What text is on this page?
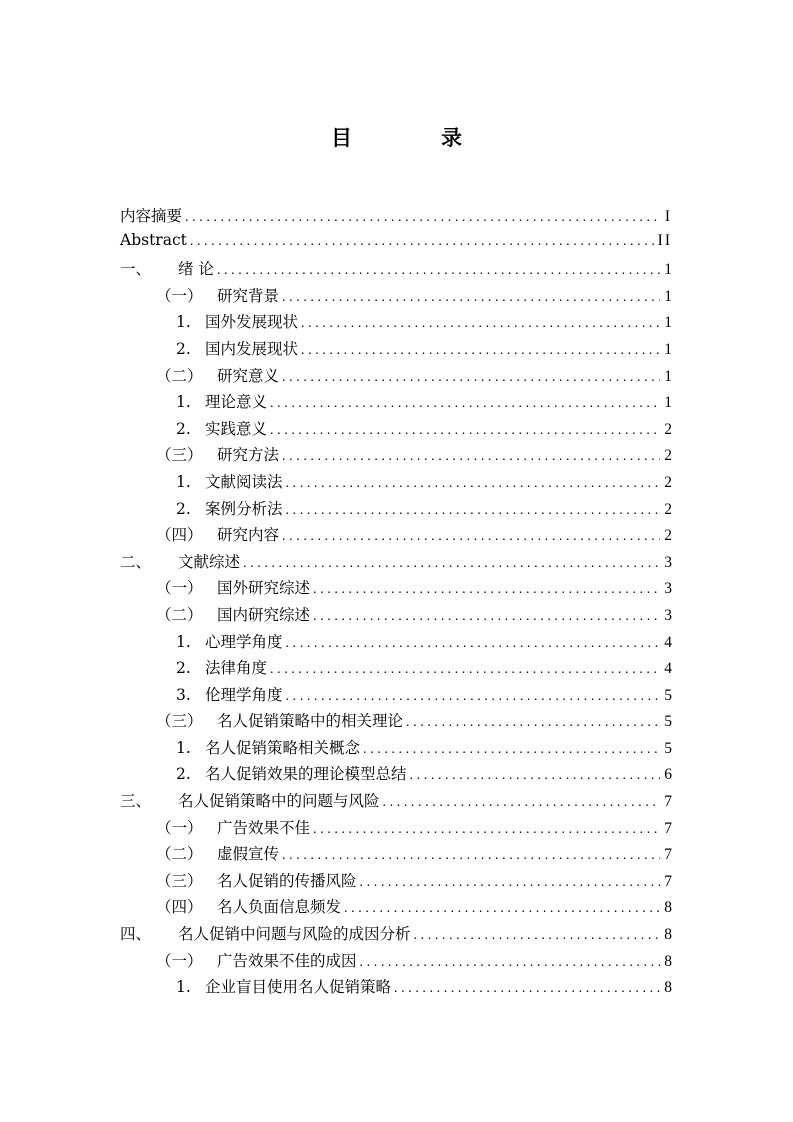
目　录
内容摘要 .....	I
Abstract .....	II
一、	绪 论 .....	1
（一） 研究背景 .....	1
1. 国外发展现状 .....	1
2. 国内发展现状 .....	1
（二） 研究意义 .....	1
1. 理论意义 .....	1
2. 实践意义 .....	2
（三） 研究方法 .....	2
1. 文献阅读法 .....	2
2. 案例分析法 .....	2
（四） 研究内容 .....	2
二、	文献综述 .....	3
（一） 国外研究综述 .....	3
（二） 国内研究综述 .....	3
1. 心理学角度 .....	4
2. 法律角度 .....	4
3. 伦理学角度 .....	5
（三） 名人促销策略中的相关理论 .....	5
1. 名人促销策略相关概念 .....	5
2. 名人促销效果的理论模型总结 .....	6
三、	名人促销策略中的问题与风险 .....	7
（一） 广告效果不佳 .....	7
（二） 虚假宣传 .....	7
（三） 名人促销的传播风险 .....	7
（四） 名人负面信息频发 .....	8
四、	名人促销中问题与风险的成因分析 .....	8
（一） 广告效果不佳的成因 .....	8
1. 企业盲目使用名人促销策略 .....	8
